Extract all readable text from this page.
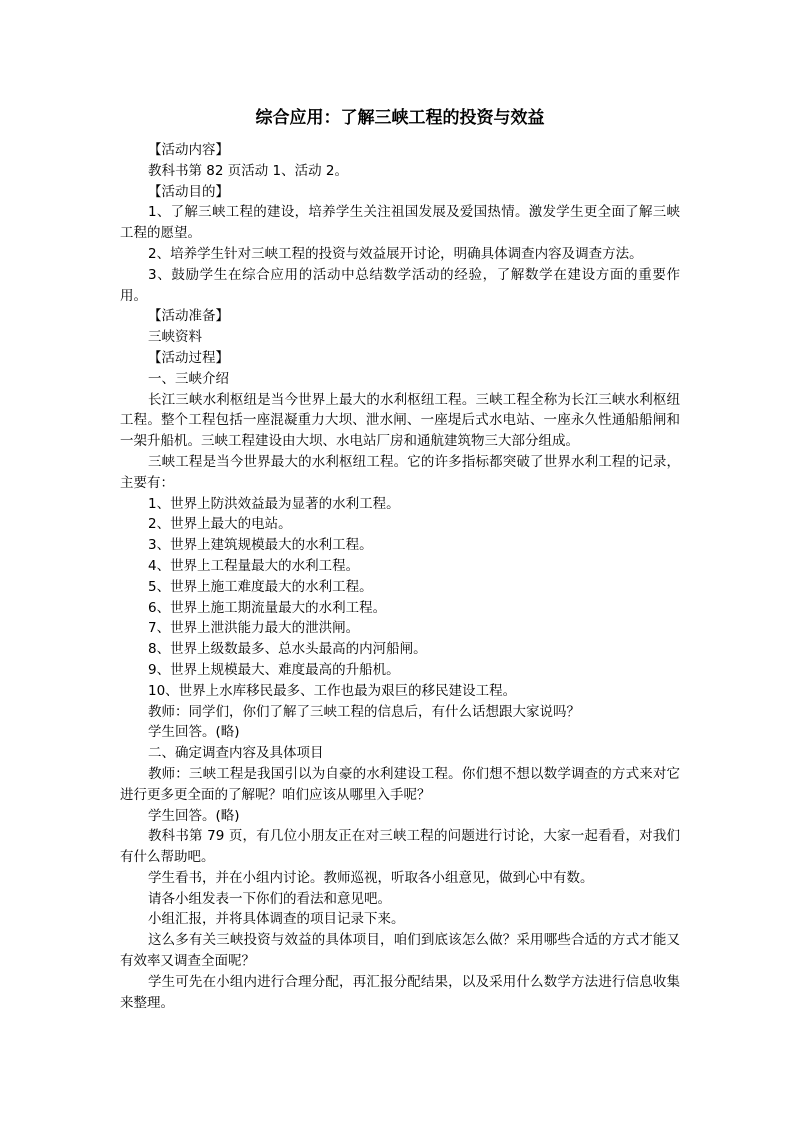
综合应用：了解三峡工程的投资与效益

【活动内容】

教科书第 82 页活动 1、活动 2。

【活动目的】

1、了解三峡工程的建设，培养学生关注祖国发展及爱国热情。激发学生更全面了解三峡工程的愿望。

2、培养学生针对三峡工程的投资与效益展开讨论，明确具体调查内容及调查方法。

3、鼓励学生在综合应用的活动中总结数学活动的经验，了解数学在建设方面的重要作用。

【活动准备】

三峡资料

【活动过程】

一、三峡介绍

长江三峡水利枢纽是当今世界上最大的水利枢纽工程。三峡工程全称为长江三峡水利枢纽工程。整个工程包括一座混凝重力大坝、泄水闸、一座堤后式水电站、一座永久性通船船闸和一架升船机。三峡工程建设由大坝、水电站厂房和通航建筑物三大部分组成。

三峡工程是当今世界最大的水利枢纽工程。它的许多指标都突破了世界水利工程的记录，主要有：

1、世界上防洪效益最为显著的水利工程。

2、世界上最大的电站。

3、世界上建筑规模最大的水利工程。

4、世界上工程量最大的水利工程。

5、世界上施工难度最大的水利工程。

6、世界上施工期流量最大的水利工程。

7、世界上泄洪能力最大的泄洪闸。

8、世界上级数最多、总水头最高的内河船闸。

9、世界上规模最大、难度最高的升船机。

10、世界上水库移民最多、工作也最为艰巨的移民建设工程。

教师：同学们，你们了解了三峡工程的信息后，有什么话想跟大家说吗？

学生回答。(略)

二、确定调查内容及具体项目

教师：三峡工程是我国引以为自豪的水利建设工程。你们想不想以数学调查的方式来对它进行更多更全面的了解呢？咱们应该从哪里入手呢？

学生回答。(略)

教科书第 79 页，有几位小朋友正在对三峡工程的问题进行讨论，大家一起看看，对我们有什么帮助吧。

学生看书，并在小组内讨论。教师巡视，听取各小组意见，做到心中有数。

请各小组发表一下你们的看法和意见吧。

小组汇报，并将具体调查的项目记录下来。

这么多有关三峡投资与效益的具体项目，咱们到底该怎么做？采用哪些合适的方式才能又有效率又调查全面呢？

学生可先在小组内进行合理分配，再汇报分配结果，以及采用什么数学方法进行信息收集来整理。
